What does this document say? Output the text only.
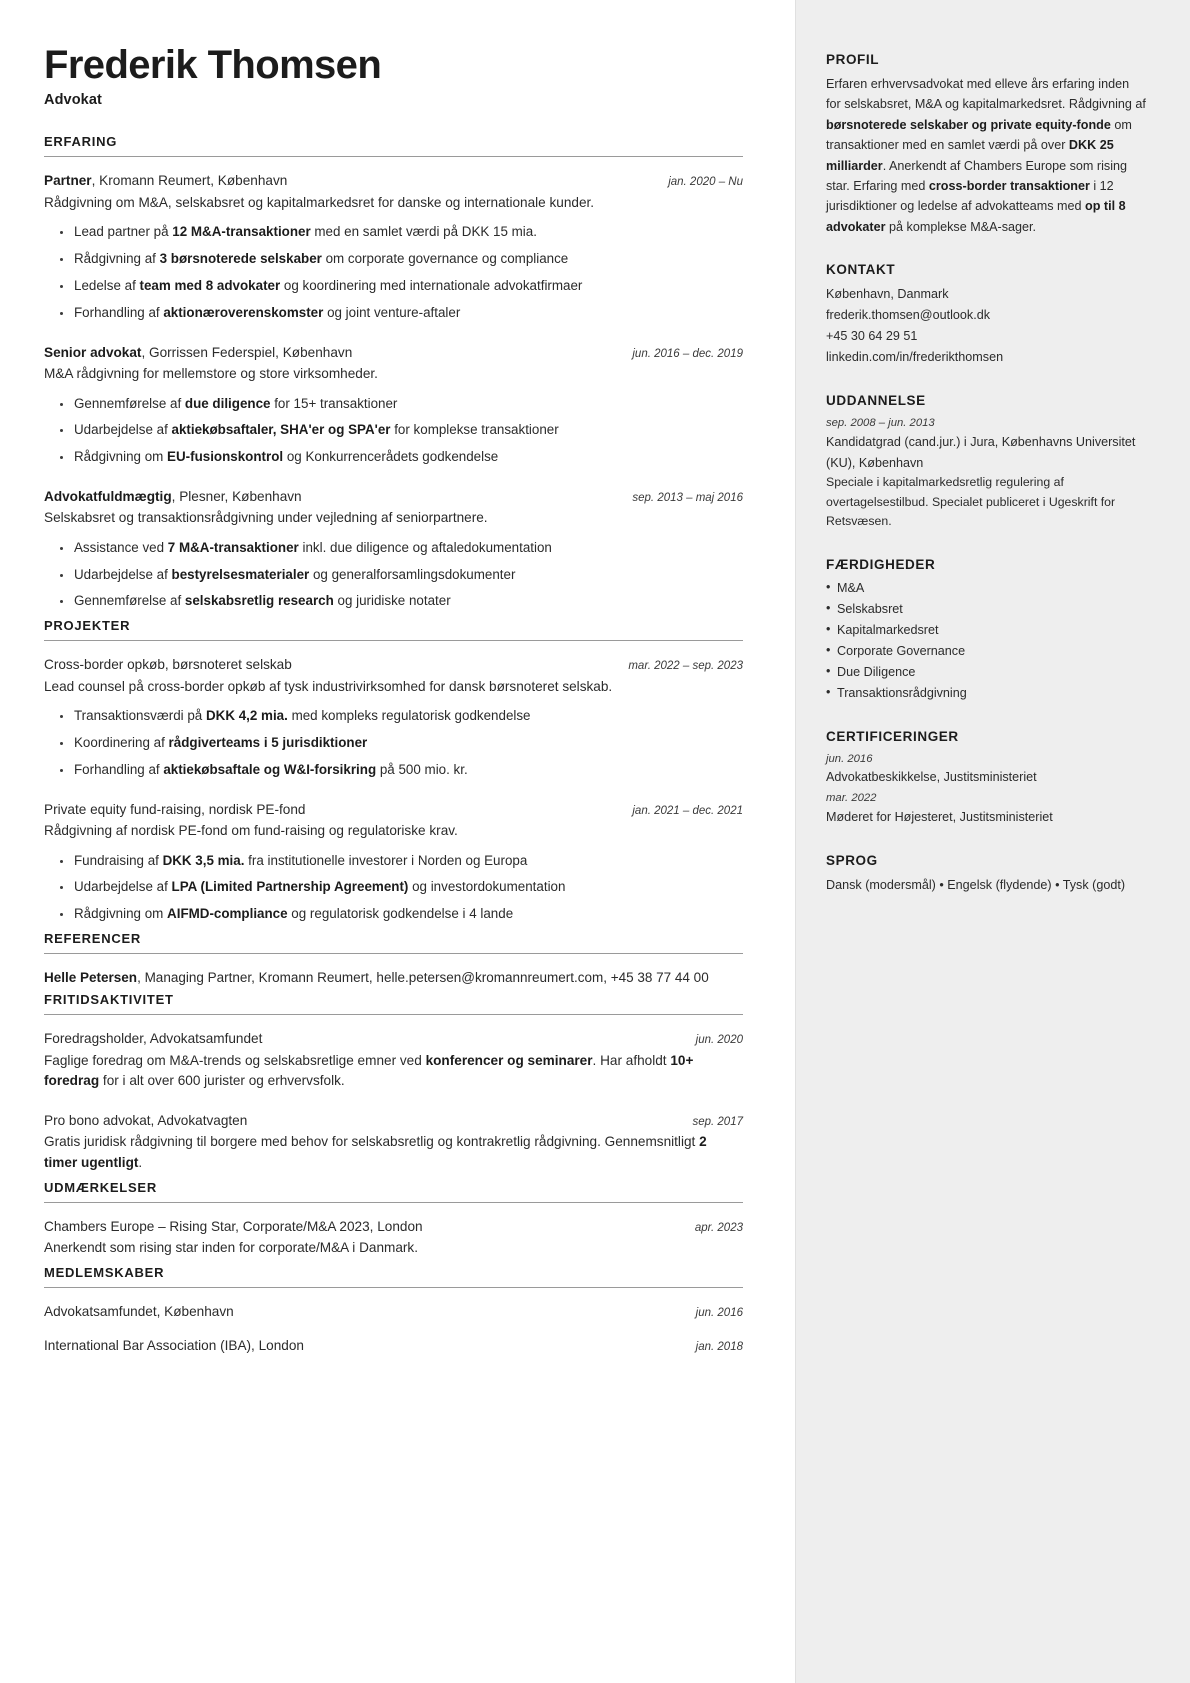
Frederik Thomsen
Advokat
ERFARING
Partner, Kromann Reumert, København	jan. 2020 – Nu
Rådgivning om M&A, selskabsret og kapitalmarkedsret for danske og internationale kunder.
Lead partner på 12 M&A-transaktioner med en samlet værdi på DKK 15 mia.
Rådgivning af 3 børsnoterede selskaber om corporate governance og compliance
Ledelse af team med 8 advokater og koordinering med internationale advokatfirmaer
Forhandling af aktionæroverenskomster og joint venture-aftaler
Senior advokat, Gorrissen Federspiel, København	jun. 2016 – dec. 2019
M&A rådgivning for mellemstore og store virksomheder.
Gennemførelse af due diligence for 15+ transaktioner
Udarbejdelse af aktiekøbsaftaler, SHA'er og SPA'er for komplekse transaktioner
Rådgivning om EU-fusionskontrol og Konkurrencerådets godkendelse
Advokatfuldmægtig, Plesner, København	sep. 2013 – maj 2016
Selskabsret og transaktionsrådgivning under vejledning af seniorpartnere.
Assistance ved 7 M&A-transaktioner inkl. due diligence og aftaledokumentation
Udarbejdelse af bestyrelsesmaterialer og generalforsamlingsdokumenter
Gennemførelse af selskabsretlig research og juridiske notater
PROJEKTER
Cross-border opkøb, børsnoteret selskab	mar. 2022 – sep. 2023
Lead counsel på cross-border opkøb af tysk industrivirksomhed for dansk børsnoteret selskab.
Transaktionsværdi på DKK 4,2 mia. med kompleks regulatorisk godkendelse
Koordinering af rådgiverteams i 5 jurisdiktioner
Forhandling af aktiekøbsaftale og W&I-forsikring på 500 mio. kr.
Private equity fund-raising, nordisk PE-fond	jan. 2021 – dec. 2021
Rådgivning af nordisk PE-fond om fund-raising og regulatoriske krav.
Fundraising af DKK 3,5 mia. fra institutionelle investorer i Norden og Europa
Udarbejdelse af LPA (Limited Partnership Agreement) og investordokumentation
Rådgivning om AIFMD-compliance og regulatorisk godkendelse i 4 lande
REFERENCER
Helle Petersen, Managing Partner, Kromann Reumert, helle.petersen@kromannreumert.com, +45 38 77 44 00
FRITIDSAKTIVITET
Foredragsholder, Advokatsamfundet	jun. 2020
Faglige foredrag om M&A-trends og selskabsretlige emner ved konferencer og seminarer. Har afholdt 10+ foredrag for i alt over 600 jurister og erhvervsfolk.
Pro bono advokat, Advokatvagten	sep. 2017
Gratis juridisk rådgivning til borgere med behov for selskabsretlig og kontrakretlig rådgivning. Gennemsnitligt 2 timer ugentligt.
UDMÆRKELSER
Chambers Europe – Rising Star, Corporate/M&A 2023, London	apr. 2023
Anerkendt som rising star inden for corporate/M&A i Danmark.
MEDLEMSKABER
Advokatsamfundet, København	jun. 2016
International Bar Association (IBA), London	jan. 2018
PROFIL
Erfaren erhvervsadvokat med elleve års erfaring inden for selskabsret, M&A og kapitalmarkedsret. Rådgivning af børsnoterede selskaber og private equity-fonde om transaktioner med en samlet værdi på over DKK 25 milliarder. Anerkendt af Chambers Europe som rising star. Erfaring med cross-border transaktioner i 12 jurisdiktioner og ledelse af advokatteams med op til 8 advokater på komplekse M&A-sager.
KONTAKT
København, Danmark
frederik.thomsen@outlook.dk
+45 30 64 29 51
linkedin.com/in/frederikthomsen
UDDANNELSE
sep. 2008 – jun. 2013
Kandidatgrad (cand.jur.) i Jura, Københavns Universitet (KU), København
Speciale i kapitalmarkedsretlig regulering af overtagelsestilbud. Specialet publiceret i Ugeskrift for Retsvæsen.
FÆRDIGHEDER
• M&A
• Selskabsret
• Kapitalmarkedsret
• Corporate Governance
• Due Diligence
• Transaktionsrådgivning
CERTIFICERINGER
jun. 2016
Advokatbeskikkelse, Justitsministeriet
mar. 2022
Møderet for Højesteret, Justitsministeriet
SPROG
Dansk (modersmål) • Engelsk (flydende) • Tysk (godt)
